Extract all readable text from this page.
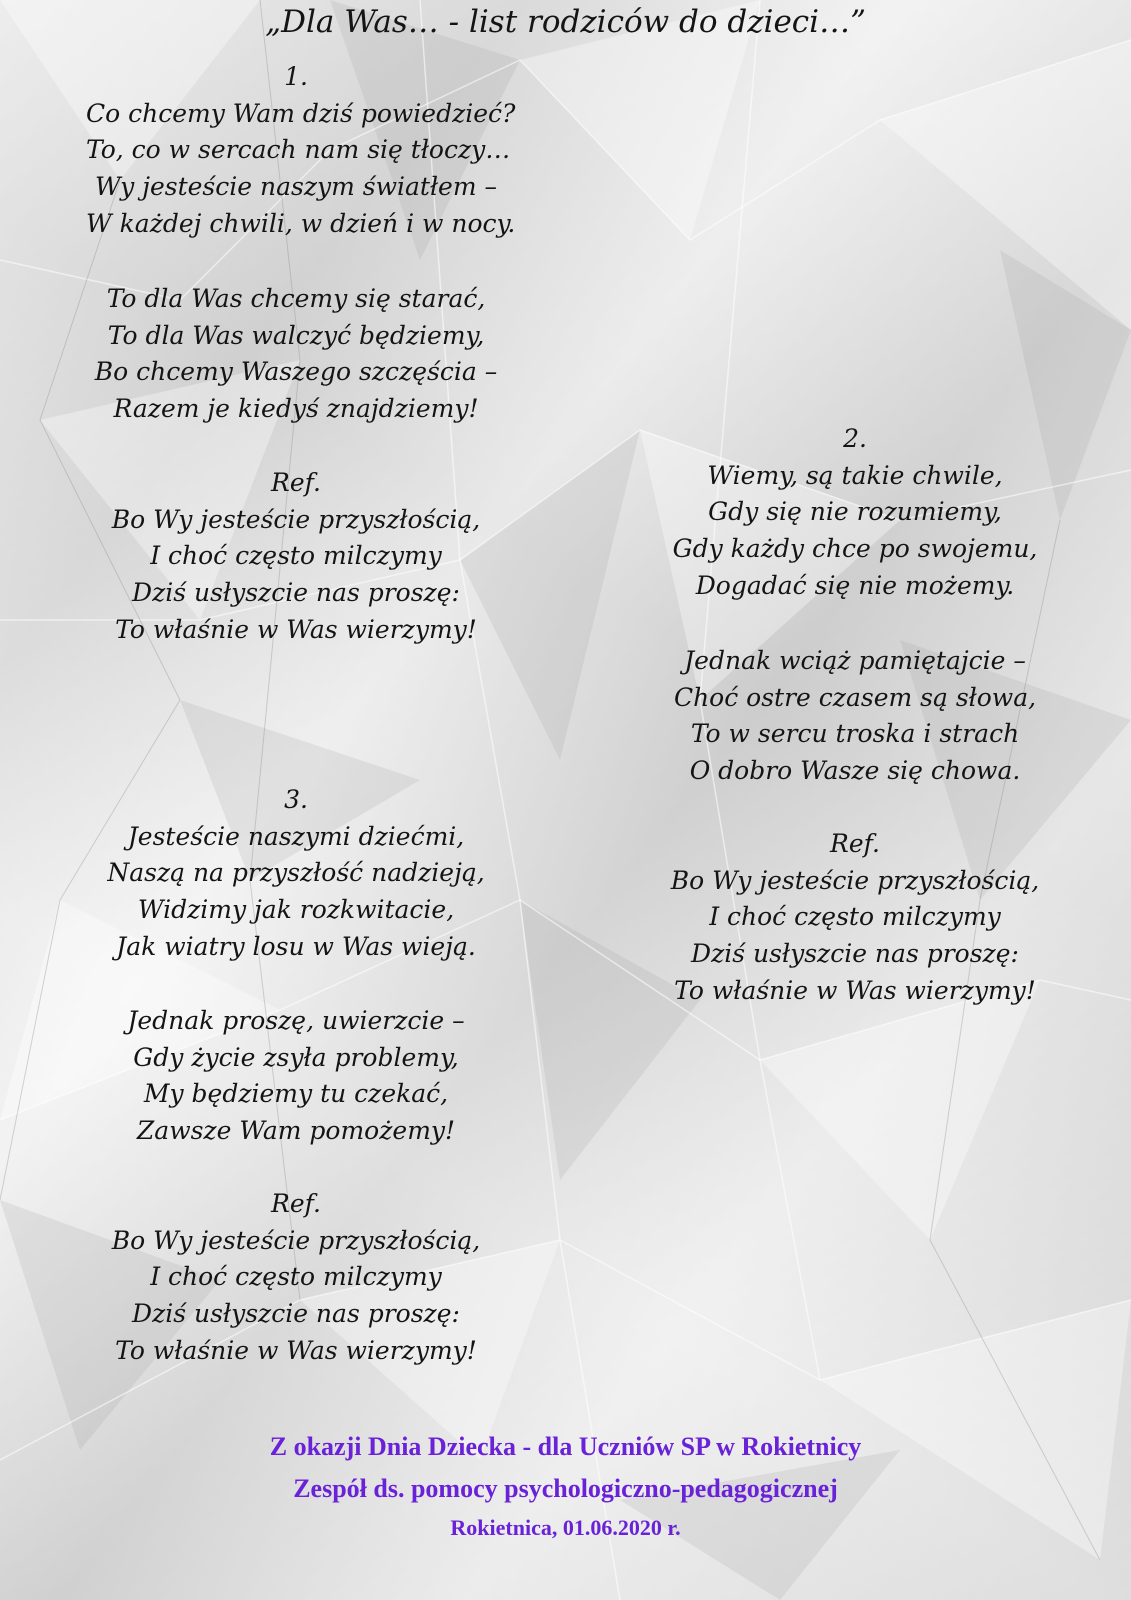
„Dla Was… - list rodziców do dzieci…”
1.
Co chcemy Wam dziś powiedzieć?
To, co w sercach nam się tłoczy…
Wy jesteście naszym światłem –
W każdej chwili, w dzień i w nocy.
To dla Was chcemy się starać,
To dla Was walczyć będziemy,
Bo chcemy Waszego szczęścia –
Razem je kiedyś znajdziemy!
Ref.
Bo Wy jesteście przyszłością,
I choć często milczymy
Dziś usłyszcie nas proszę:
To właśnie w Was wierzymy!
3.
Jesteście naszymi dziećmi,
Naszą na przyszłość nadzieją,
Widzimy jak rozkwitacie,
Jak wiatry losu w Was wieją.
Jednak proszę, uwierzcie –
Gdy życie zsyła problemy,
My będziemy tu czekać,
Zawsze Wam pomożemy!
Ref.
Bo Wy jesteście przyszłością,
I choć często milczymy
Dziś usłyszcie nas proszę:
To właśnie w Was wierzymy!
2.
Wiemy, są takie chwile,
Gdy się nie rozumiemy,
Gdy każdy chce po swojemu,
Dogadać się nie możemy.
Jednak wciąż pamiętajcie –
Choć ostre czasem są słowa,
To w sercu troska i strach
O dobro Wasze się chowa.
Ref.
Bo Wy jesteście przyszłością,
I choć często milczymy
Dziś usłyszcie nas proszę:
To właśnie w Was wierzymy!
Z okazji Dnia Dziecka - dla Uczniów SP w Rokietnicy
Zespół ds. pomocy psychologiczno-pedagogicznej
Rokietnica, 01.06.2020 r.
